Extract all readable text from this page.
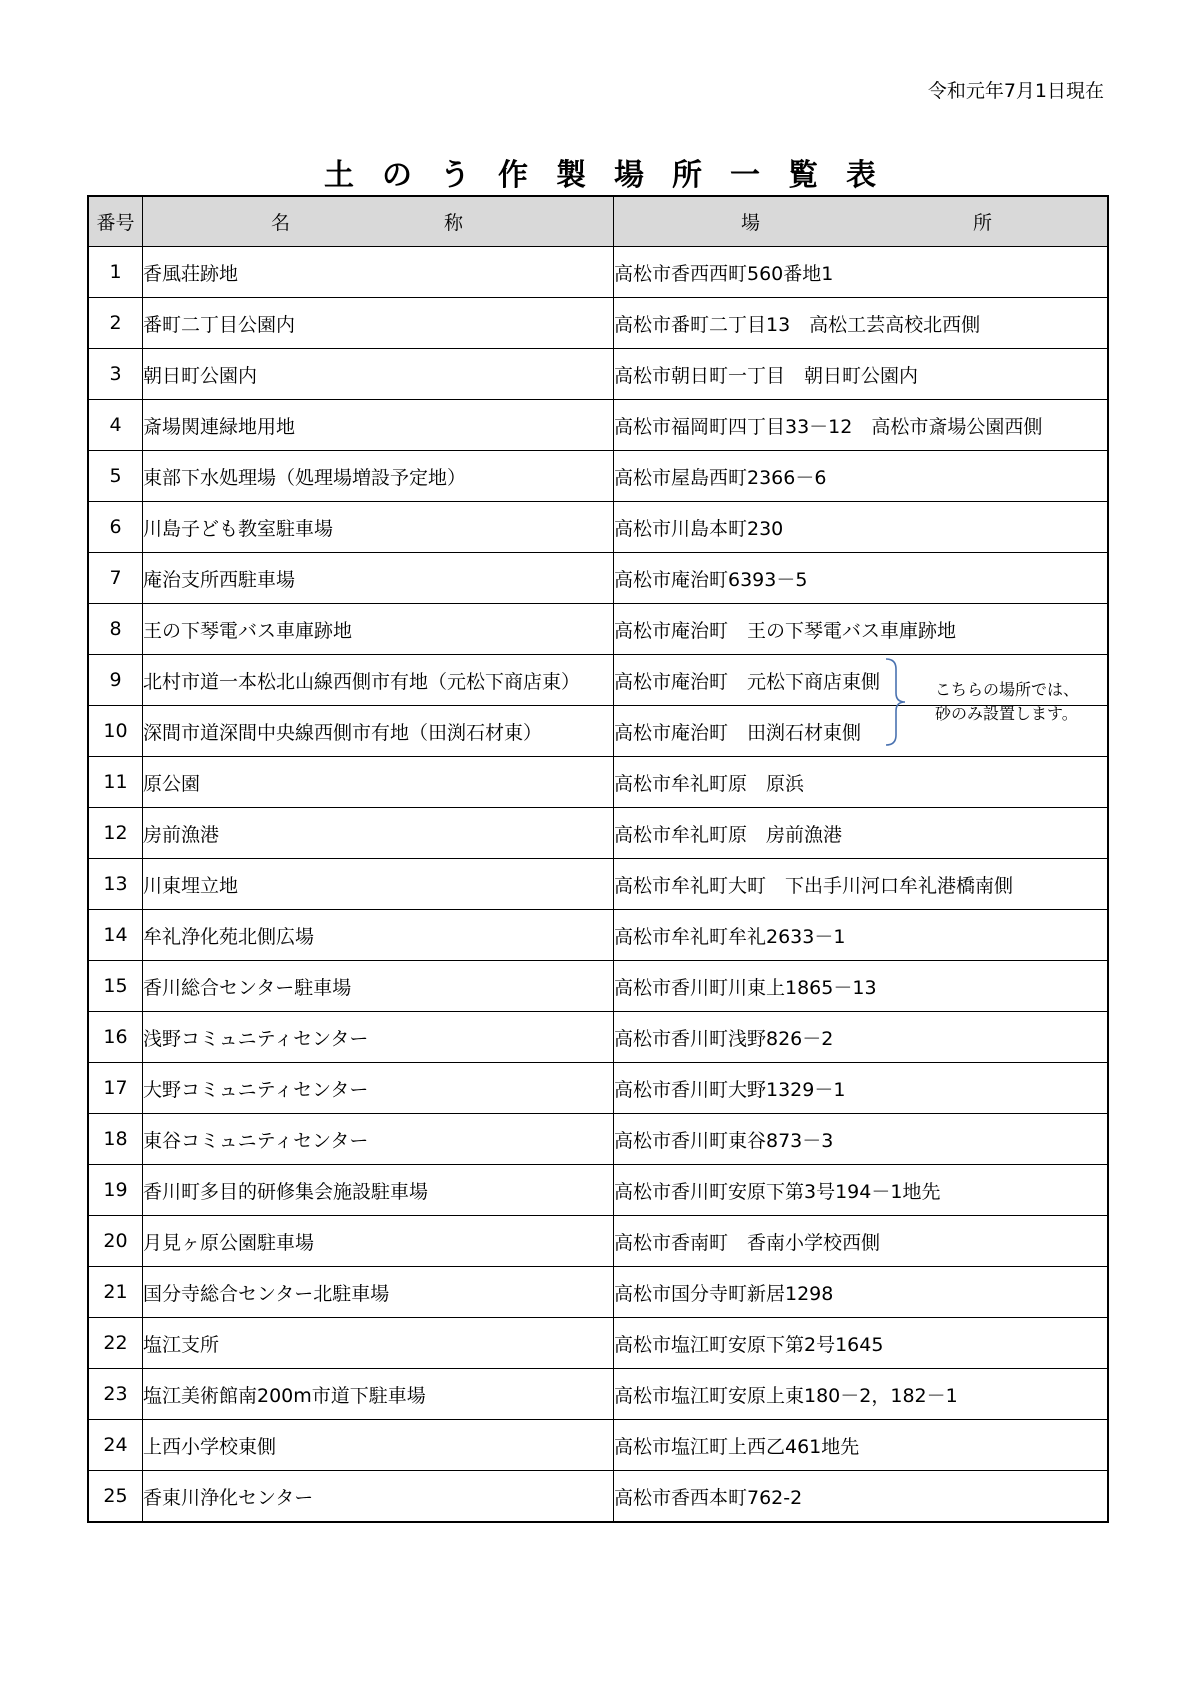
令和元年7月1日現在
土のう作製場所一覧表
番号	名 称	場 所

1	香風荘跡地	高松市香西西町560番地1
2	番町二丁目公園内	高松市番町二丁目13　高松工芸高校北西側
3	朝日町公園内	高松市朝日町一丁目　朝日町公園内
4	斎場関連緑地用地	高松市福岡町四丁目33－12　高松市斎場公園西側
5	東部下水処理場（処理場増設予定地）	高松市屋島西町2366－6
6	川島子ども教室駐車場	高松市川島本町230
7	庵治支所西駐車場	高松市庵治町6393－5
8	王の下琴電バス車庫跡地	高松市庵治町　王の下琴電バス車庫跡地
9	北村市道一本松北山線西側市有地（元松下商店東）	高松市庵治町　元松下商店東側
10	深間市道深間中央線西側市有地（田渕石材東）	高松市庵治町　田渕石材東側
11	原公園	高松市牟礼町原　原浜
12	房前漁港	高松市牟礼町原　房前漁港
13	川東埋立地	高松市牟礼町大町　下出手川河口牟礼港橋南側
14	牟礼浄化苑北側広場	高松市牟礼町牟礼2633－1
15	香川総合センター駐車場	高松市香川町川東上1865－13
16	浅野コミュニティセンター	高松市香川町浅野826－2
17	大野コミュニティセンター	高松市香川町大野1329－1
18	東谷コミュニティセンター	高松市香川町東谷873－3
19	香川町多目的研修集会施設駐車場	高松市香川町安原下第3号194－1地先
20	月見ヶ原公園駐車場	高松市香南町　香南小学校西側
21	国分寺総合センター北駐車場	高松市国分寺町新居1298
22	塩江支所	高松市塩江町安原下第2号1645
23	塩江美術館南200m市道下駐車場	高松市塩江町安原上東180－2，182－1
24	上西小学校東側	高松市塩江町上西乙461地先
25	香東川浄化センター	高松市香西本町762-2
こちらの場所では、
砂のみ設置します。
